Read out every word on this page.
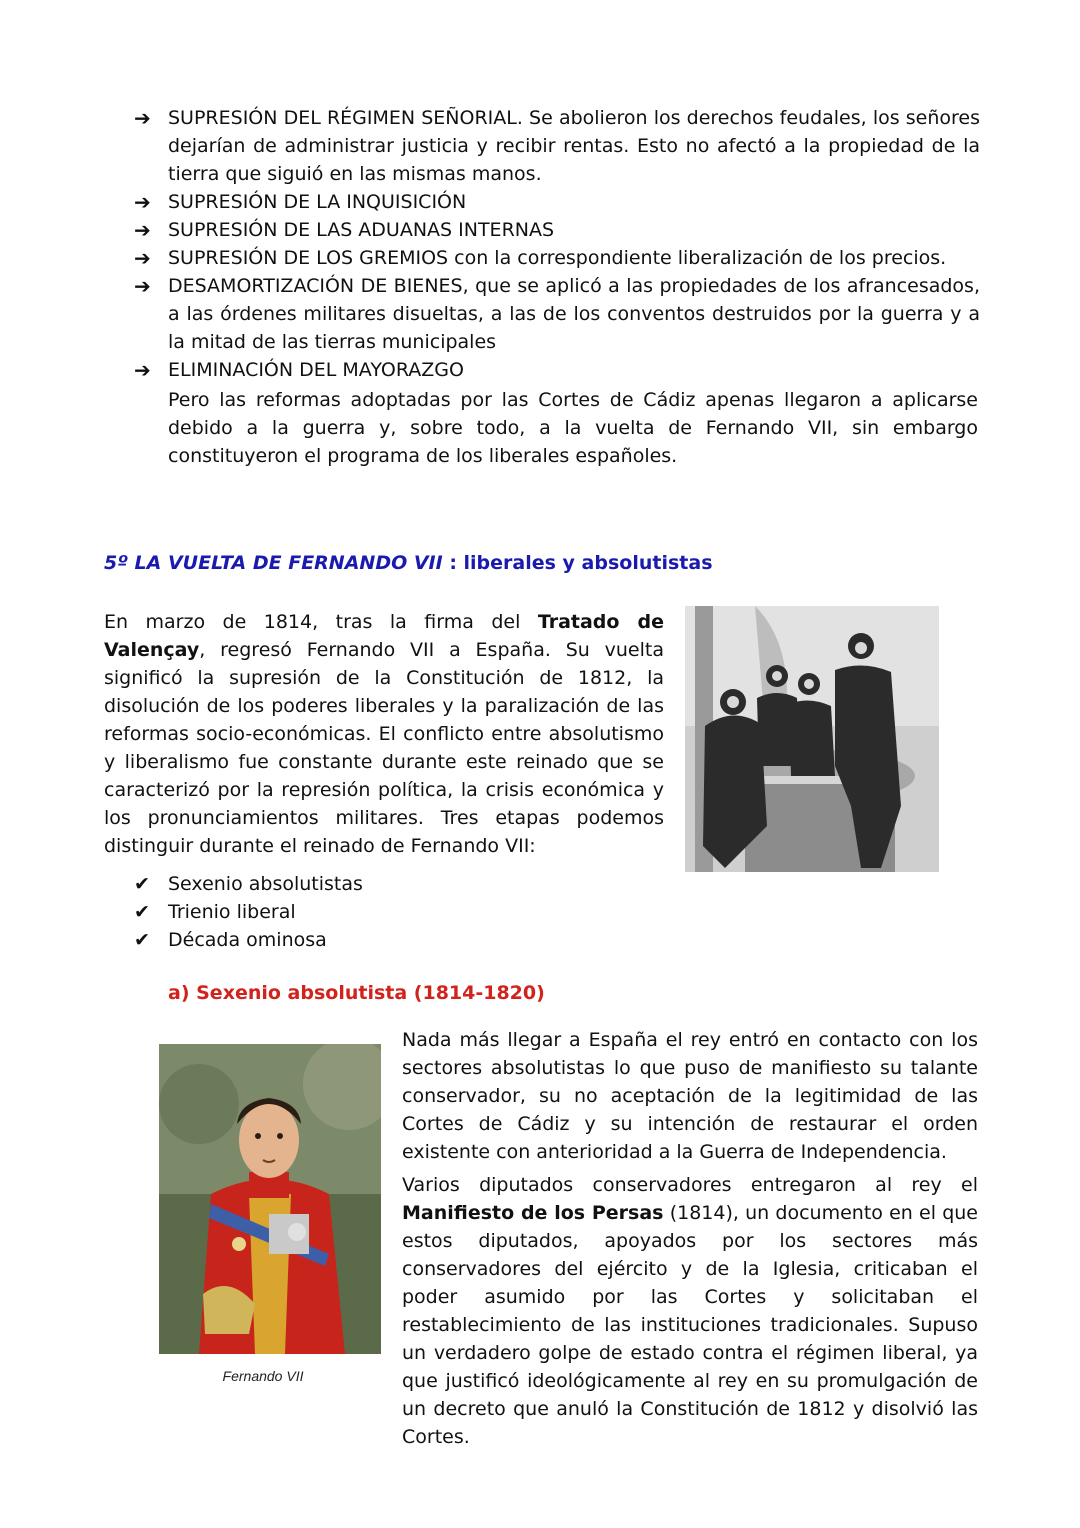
➔ SUPRESIÓN DEL RÉGIMEN SEÑORIAL. Se abolieron los derechos feudales, los señores dejarían de administrar justicia y recibir rentas. Esto no afectó a la propiedad de la tierra que siguió en las mismas manos.
➔ SUPRESIÓN DE LA INQUISICIÓN
➔ SUPRESIÓN DE LAS ADUANAS INTERNAS
➔ SUPRESIÓN DE LOS GREMIOS con la correspondiente liberalización de los precios.
➔ DESAMORTIZACIÓN DE BIENES, que se aplicó a las propiedades de los afrancesados, a las órdenes militares disueltas, a las de los conventos destruidos por la guerra y a la mitad de las tierras municipales
➔ ELIMINACIÓN DEL MAYORAZGO

Pero las reformas adoptadas por las Cortes de Cádiz apenas llegaron a aplicarse debido a la guerra y, sobre todo, a la vuelta de Fernando VII, sin embargo constituyeron el programa de los liberales españoles.

5º LA VUELTA DE FERNANDO VII : liberales y absolutistas

En marzo de 1814, tras la firma del Tratado de Valençay, regresó Fernando VII a España. Su vuelta significó la supresión de la Constitución de 1812, la disolución de los poderes liberales y la paralización de las reformas socio-económicas. El conflicto entre absolutismo y liberalismo fue constante durante este reinado que se caracterizó por la represión política, la crisis económica y los pronunciamientos militares. Tres etapas podemos distinguir durante el reinado de Fernando VII:

✔ Sexenio absolutistas
✔ Trienio liberal
✔ Década ominosa
a) Sexenio absolutista (1814-1820)

Fernando VII

Nada más llegar a España el rey entró en contacto con los sectores absolutistas lo que puso de manifiesto su talante conservador, su no aceptación de la legitimidad de las Cortes de Cádiz y su intención de restaurar el orden existente con anterioridad a la Guerra de Independencia.

Varios diputados conservadores entregaron al rey el Manifiesto de los Persas (1814), un documento en el que estos diputados, apoyados por los sectores más conservadores del ejército y de la Iglesia, criticaban el poder asumido por las Cortes y solicitaban el restablecimiento de las instituciones tradicionales. Supuso un verdadero golpe de estado contra el régimen liberal, ya que justificó ideológicamente al rey en su promulgación de un decreto que anuló la Constitución de 1812 y disolvió las Cortes.
